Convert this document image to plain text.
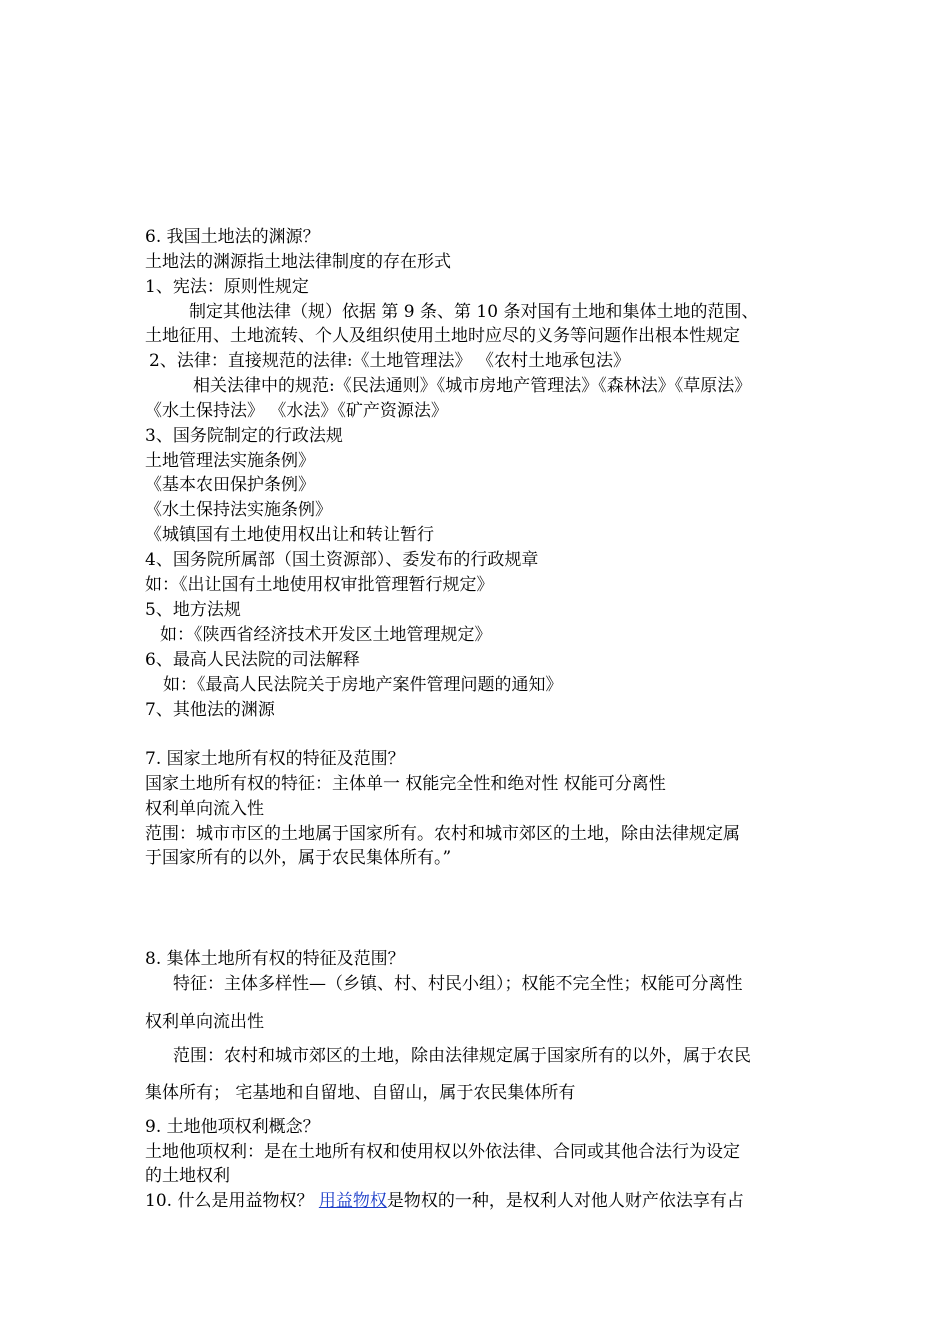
6. 我国土地法的渊源？
土地法的渊源指土地法律制度的存在形式
1、宪法：原则性规定
制定其他法律（规）依据 第 9 条、第 10 条对国有土地和集体土地的范围、
土地征用、土地流转、个人及组织使用土地时应尽的义务等问题作出根本性规定
2、法律：直接规范的法律:《土地管理法》 《农村土地承包法》
相关法律中的规范:《民法通则》《城市房地产管理法》《森林法》《草原法》
《水土保持法》 《水法》《矿产资源法》
3、国务院制定的行政法规
土地管理法实施条例》
《基本农田保护条例》
《水土保持法实施条例》
《城镇国有土地使用权出让和转让暂行
4、国务院所属部（国土资源部）、委发布的行政规章
如：《出让国有土地使用权审批管理暂行规定》
5、地方法规
如：《陕西省经济技术开发区土地管理规定》
6、最高人民法院的司法解释
如：《最高人民法院关于房地产案件管理问题的通知》
7、其他法的渊源
7. 国家土地所有权的特征及范围？
国家土地所有权的特征：主体单一 权能完全性和绝对性 权能可分离性
权利单向流入性
范围：城市市区的土地属于国家所有。农村和城市郊区的土地，除由法律规定属
于国家所有的以外，属于农民集体所有。”
8. 集体土地所有权的特征及范围？
特征：主体多样性—（乡镇、村、村民小组）；权能不完全性；权能可分离性
权利单向流出性
范围：农村和城市郊区的土地，除由法律规定属于国家所有的以外，属于农民
集体所有； 宅基地和自留地、自留山，属于农民集体所有
9. 土地他项权利概念？
土地他项权利：是在土地所有权和使用权以外依法律、合同或其他合法行为设定
的土地权利
10. 什么是用益物权？ 用益物权是物权的一种，是权利人对他人财产依法享有占
